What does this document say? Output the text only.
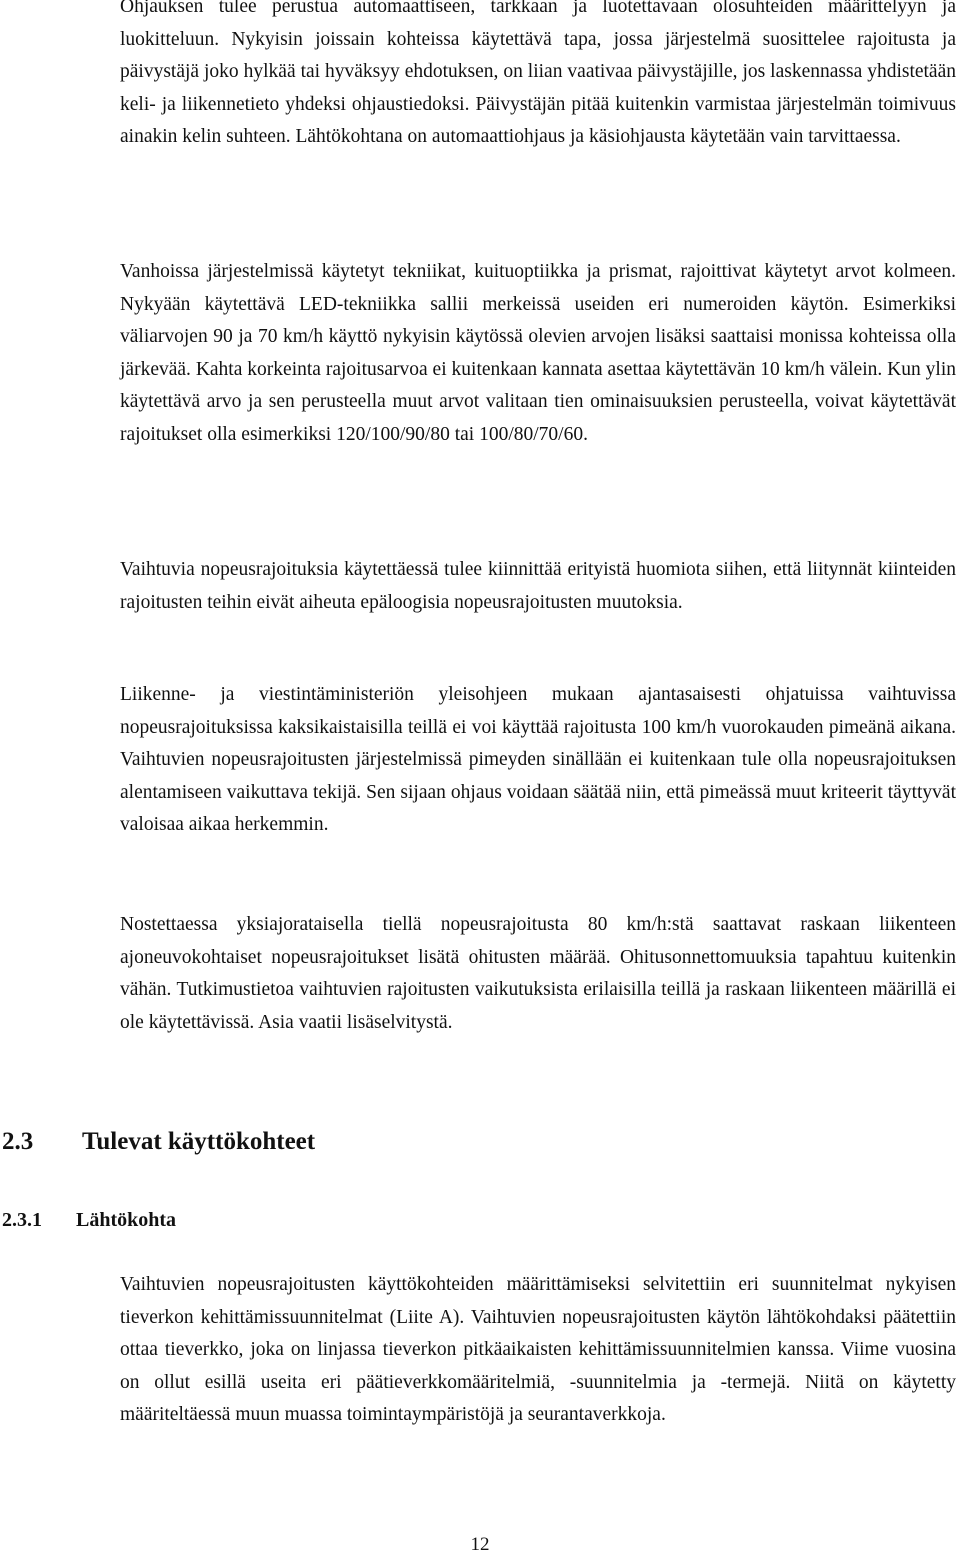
Ohjauksen tulee perustua automaattiseen, tarkkaan ja luotettavaan olosuhteiden määrittelyyn ja luokitteluun. Nykyisin joissain kohteissa käytettävä tapa, jossa järjestelmä suosittelee rajoitusta ja päivystäjä joko hylkää tai hyväksyy ehdotuksen, on liian vaativaa päivystäjille, jos laskennassa yhdistetään keli- ja liikennetieto yhdeksi ohjaustiedoksi. Päivystäjän pitää kuitenkin varmistaa järjestelmän toimivuus ainakin kelin suhteen. Lähtökohtana on automaattiohjaus ja käsiohjausta käytetään vain tarvittaessa.

Vanhoissa järjestelmissä käytetyt tekniikat, kuituoptiikka ja prismat, rajoittivat käytetyt arvot kolmeen. Nykyään käytettävä LED-tekniikka sallii merkeissä useiden eri numeroiden käytön. Esimerkiksi väliarvojen 90 ja 70 km/h käyttö nykyisin käytössä olevien arvojen lisäksi saattaisi monissa kohteissa olla järkevää. Kahta korkeinta rajoitusarvoa ei kuitenkaan kannata asettaa käytettävän 10 km/h välein. Kun ylin käytettävä arvo ja sen perusteella muut arvot valitaan tien ominaisuuksien perusteella, voivat käytettävät rajoitukset olla esimerkiksi 120/100/90/80 tai 100/80/70/60.

Vaihtuvia nopeusrajoituksia käytettäessä tulee kiinnittää erityistä huomiota siihen, että liitynnät kiinteiden rajoitusten teihin eivät aiheuta epäloogisia nopeusrajoitusten muutoksia.

Liikenne- ja viestintäministeriön yleisohjeen mukaan ajantasaisesti ohjatuissa vaihtuvissa nopeusrajoituksissa kaksikaistaisilla teillä ei voi käyttää rajoitusta 100 km/h vuorokauden pimeänä aikana. Vaihtuvien nopeusrajoitusten järjestelmissä pimeyden sinällään ei kuitenkaan tule olla nopeusrajoituksen alentamiseen vaikuttava tekijä. Sen sijaan ohjaus voidaan säätää niin, että pimeässä muut kriteerit täyttyvät valoisaa aikaa herkemmin.

Nostettaessa yksiajorataisella tiellä nopeusrajoitusta 80 km/h:stä saattavat raskaan liikenteen ajoneuvokohtaiset nopeusrajoitukset lisätä ohitusten määrää. Ohitusonnettomuuksia tapahtuu kuitenkin vähän. Tutkimustietoa vaihtuvien rajoitusten vaikutuksista erilaisilla teillä ja raskaan liikenteen määrillä ei ole käytettävissä. Asia vaatii lisäselvitystä.

2.3 Tulevat käyttökohteet
2.3.1 Lähtökohta

Vaihtuvien nopeusrajoitusten käyttökohteiden määrittämiseksi selvitettiin eri suunnitelmat nykyisen tieverkon kehittämissuunnitelmat (Liite A). Vaihtuvien nopeusrajoitusten käytön lähtökohdaksi päätettiin ottaa tieverkko, joka on linjassa tieverkon pitkäaikaisten kehittämissuunnitelmien kanssa. Viime vuosina on ollut esillä useita eri päätieverkkomääritelmiä, -suunnitelmia ja -termejä. Niitä on käytetty määriteltäessä muun muassa toimintaympäristöjä ja seurantaverkkoja.

12
